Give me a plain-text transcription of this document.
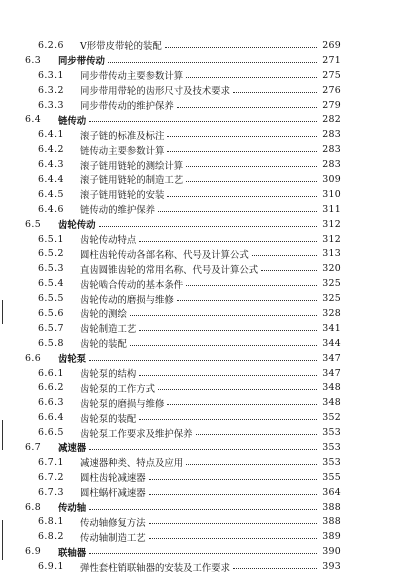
6.2.6	V形带皮带轮的装配	269
6.3	同步带传动	271
6.3.1	同步带传动主要参数计算	275
6.3.2	同步带用带轮的齿形尺寸及技术要求	276
6.3.3	同步带传动的维护保养	279
6.4	链传动	282
6.4.1	滚子链的标准及标注	283
6.4.2	链传动主要参数计算	283
6.4.3	滚子链用链轮的测绘计算	283
6.4.4	滚子链用链轮的制造工艺	309
6.4.5	滚子链用链轮的安装	310
6.4.6	链传动的维护保养	311
6.5	齿轮传动	312
6.5.1	齿轮传动特点	312
6.5.2	圆柱齿轮传动各部名称、代号及计算公式	313
6.5.3	直齿圆锥齿轮的常用名称、代号及计算公式	320
6.5.4	齿轮啮合传动的基本条件	325
6.5.5	齿轮传动的磨损与维修	325
6.5.6	齿轮的测绘	328
6.5.7	齿轮制造工艺	341
6.5.8	齿轮的装配	344
6.6	齿轮泵	347
6.6.1	齿轮泵的结构	347
6.6.2	齿轮泵的工作方式	348
6.6.3	齿轮泵的磨损与维修	348
6.6.4	齿轮泵的装配	352
6.6.5	齿轮泵工作要求及维护保养	353
6.7	减速器	353
6.7.1	减速器种类、特点及应用	353
6.7.2	圆柱齿轮减速器	355
6.7.3	圆柱蜗杆减速器	364
6.8	传动轴	388
6.8.1	传动轴修复方法	388
6.8.2	传动轴制造工艺	389
6.9	联轴器	390
6.9.1	弹性套柱销联轴器的安装及工作要求	393
